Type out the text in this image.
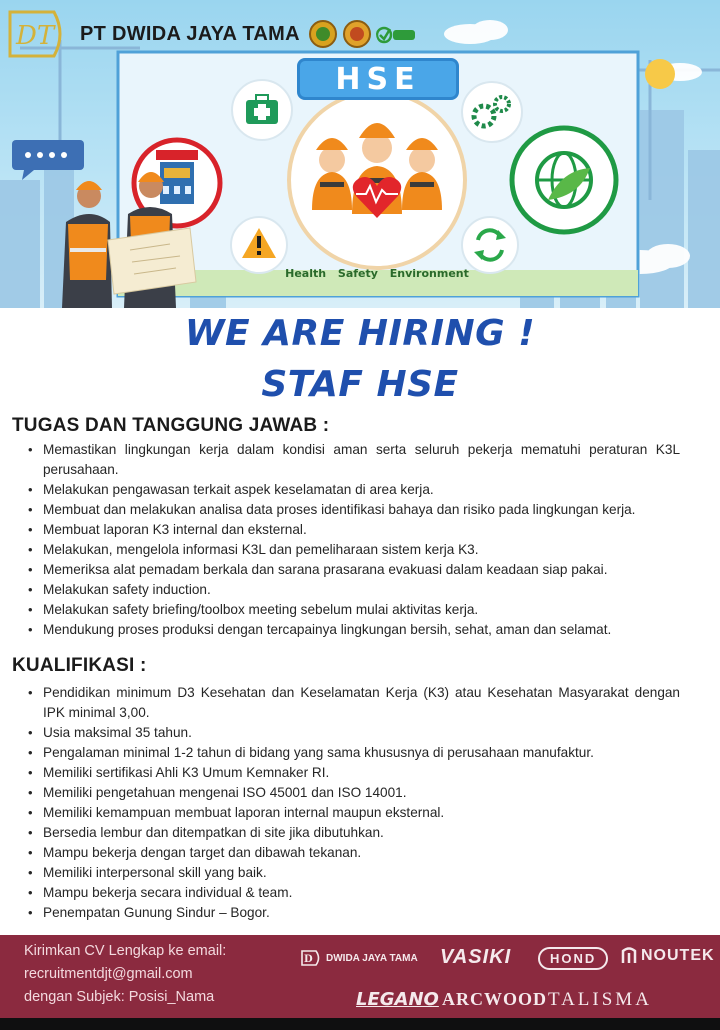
DT PT DWIDA JAYA TAMA
HSE
Health Safety Environment
WE ARE HIRING !
STAF HSE
TUGAS DAN TANGGUNG JAWAB :
• Memastikan lingkungan kerja dalam kondisi aman serta seluruh pekerja mematuhi peraturan K3L perusahaan.
• Melakukan pengawasan terkait aspek keselamatan di area kerja.
• Membuat dan melakukan analisa data proses identifikasi bahaya dan risiko pada lingkungan kerja.
• Membuat laporan K3 internal dan eksternal.
• Melakukan, mengelola informasi K3L dan pemeliharaan sistem kerja K3.
• Memeriksa alat pemadam berkala dan sarana prasarana evakuasi dalam keadaan siap pakai.
• Melakukan safety induction.
• Melakukan safety briefing/toolbox meeting sebelum mulai aktivitas kerja.
• Mendukung proses produksi dengan tercapainya lingkungan bersih, sehat, aman dan selamat.
KUALIFIKASI :
• Pendidikan minimum D3 Kesehatan dan Keselamatan Kerja (K3) atau Kesehatan Masyarakat dengan IPK minimal 3,00.
• Usia maksimal 35 tahun.
• Pengalaman minimal 1-2 tahun di bidang yang sama khususnya di perusahaan manufaktur.
• Memiliki sertifikasi Ahli K3 Umum Kemnaker RI.
• Memiliki pengetahuan mengenai ISO 45001 dan ISO 14001.
• Memiliki kemampuan membuat laporan internal maupun eksternal.
• Bersedia lembur dan ditempatkan di site jika dibutuhkan.
• Mampu bekerja dengan target dan dibawah tekanan.
• Memiliki interpersonal skill yang baik.
• Mampu bekerja secara individual & team.
• Penempatan Gunung Sindur – Bogor.
Kirimkan CV Lengkap ke email:
recruitmentdjt@gmail.com
dengan Subjek: Posisi_Nama
D DWIDA JAYA TAMA VASIKI	HOND	NOUTEK
LEGANO ARCWOOD TALISMA
